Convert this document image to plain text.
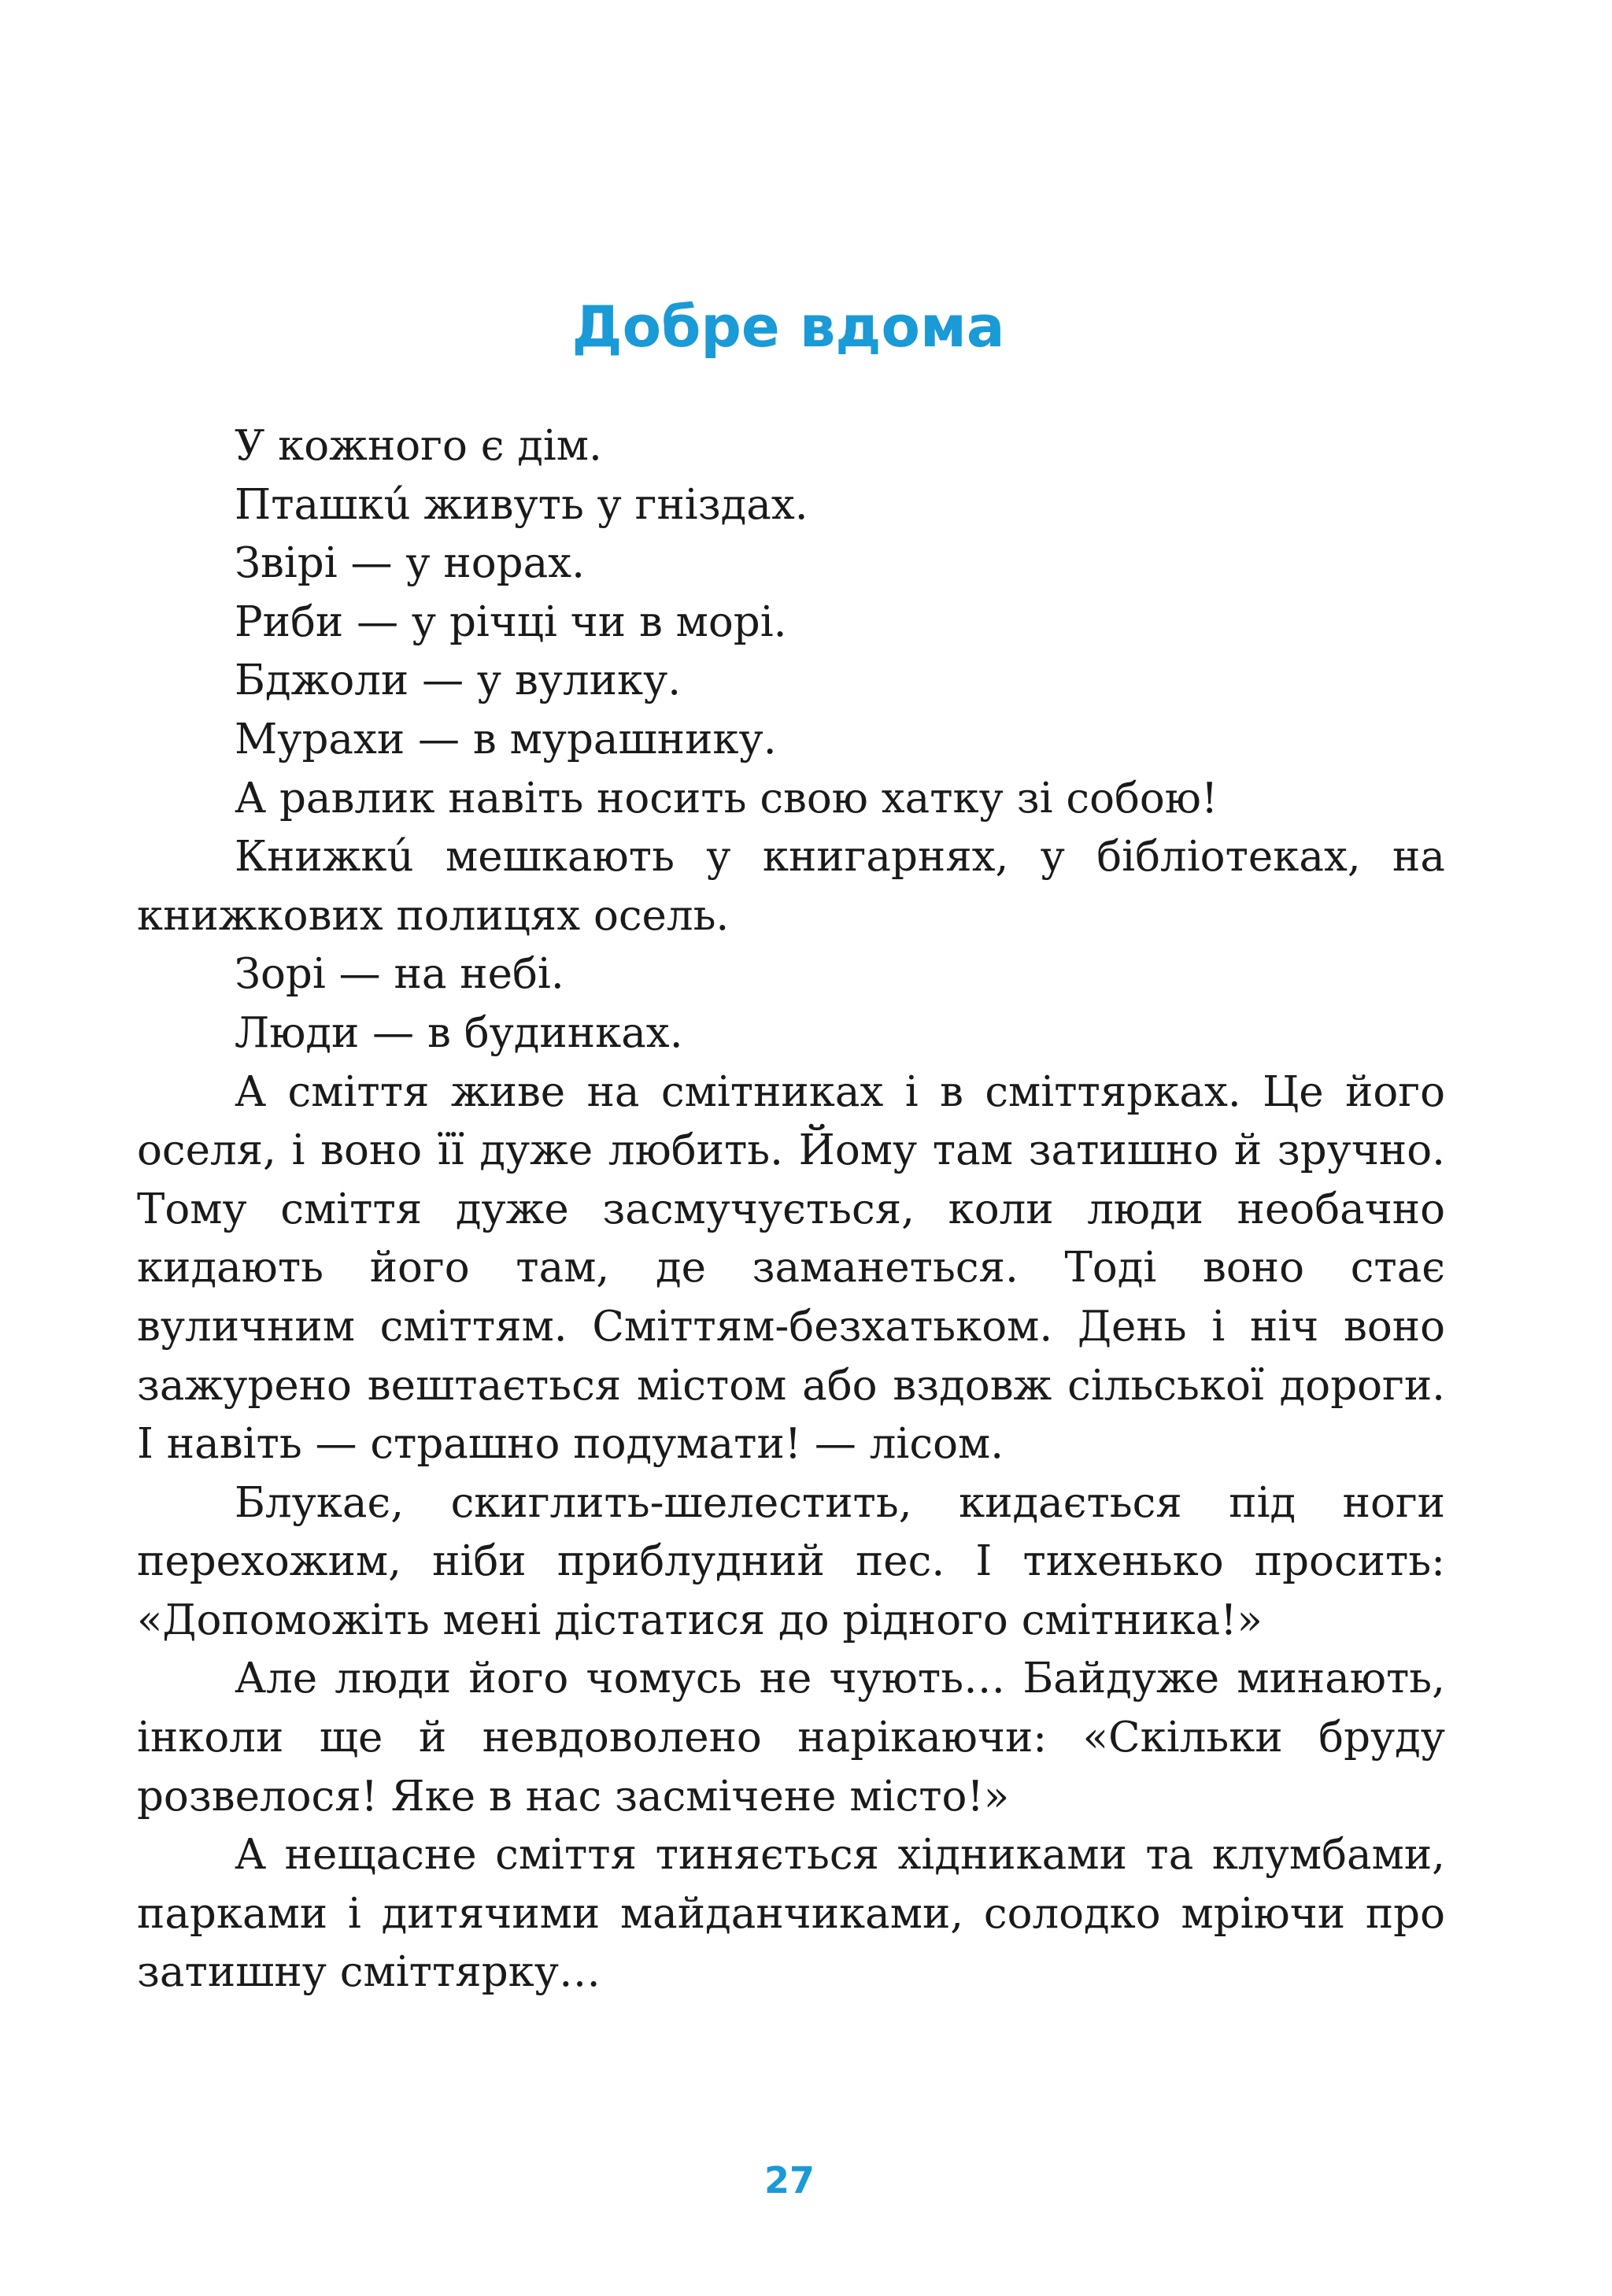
Добре вдома

У кожного є дім.

Пташкú живуть у гніздах.

Звірі — у норах.

Риби — у річці чи в морі.

Бджоли — у вулику.

Мурахи — в мурашнику.

А равлик навіть носить свою хатку зі собою!

Книжкú мешкають у книгарнях, у бібліотеках, на книжкових полицях осель.

Зорі — на небі.

Люди — в будинках.

А сміття живе на смітниках і в сміттярках. Це його оселя, і воно її дуже любить. Йому там затишно й зручно. Тому сміття дуже засмучується, коли люди необачно кидають його там, де заманеться. Тоді воно стає вуличним сміттям. Сміттям-безхатьком. День і ніч воно зажурено вештається містом або вздовж сільської дороги. І навіть — страшно подумати! — лісом.

Блукає, скиглить-шелестить, кидається під ноги перехожим, ніби приблудний пес. І тихенько просить: «Допоможіть мені дістатися до рідного смітника!»

Але люди його чомусь не чують… Байдуже минають, інколи ще й невдоволено нарікаючи: «Скільки бруду розвелося! Яке в нас засмічене місто!»

А нещасне сміття тиняється хідниками та клумбами, парками і дитячими майданчиками, солодко мріючи про затишну сміттярку…

27
